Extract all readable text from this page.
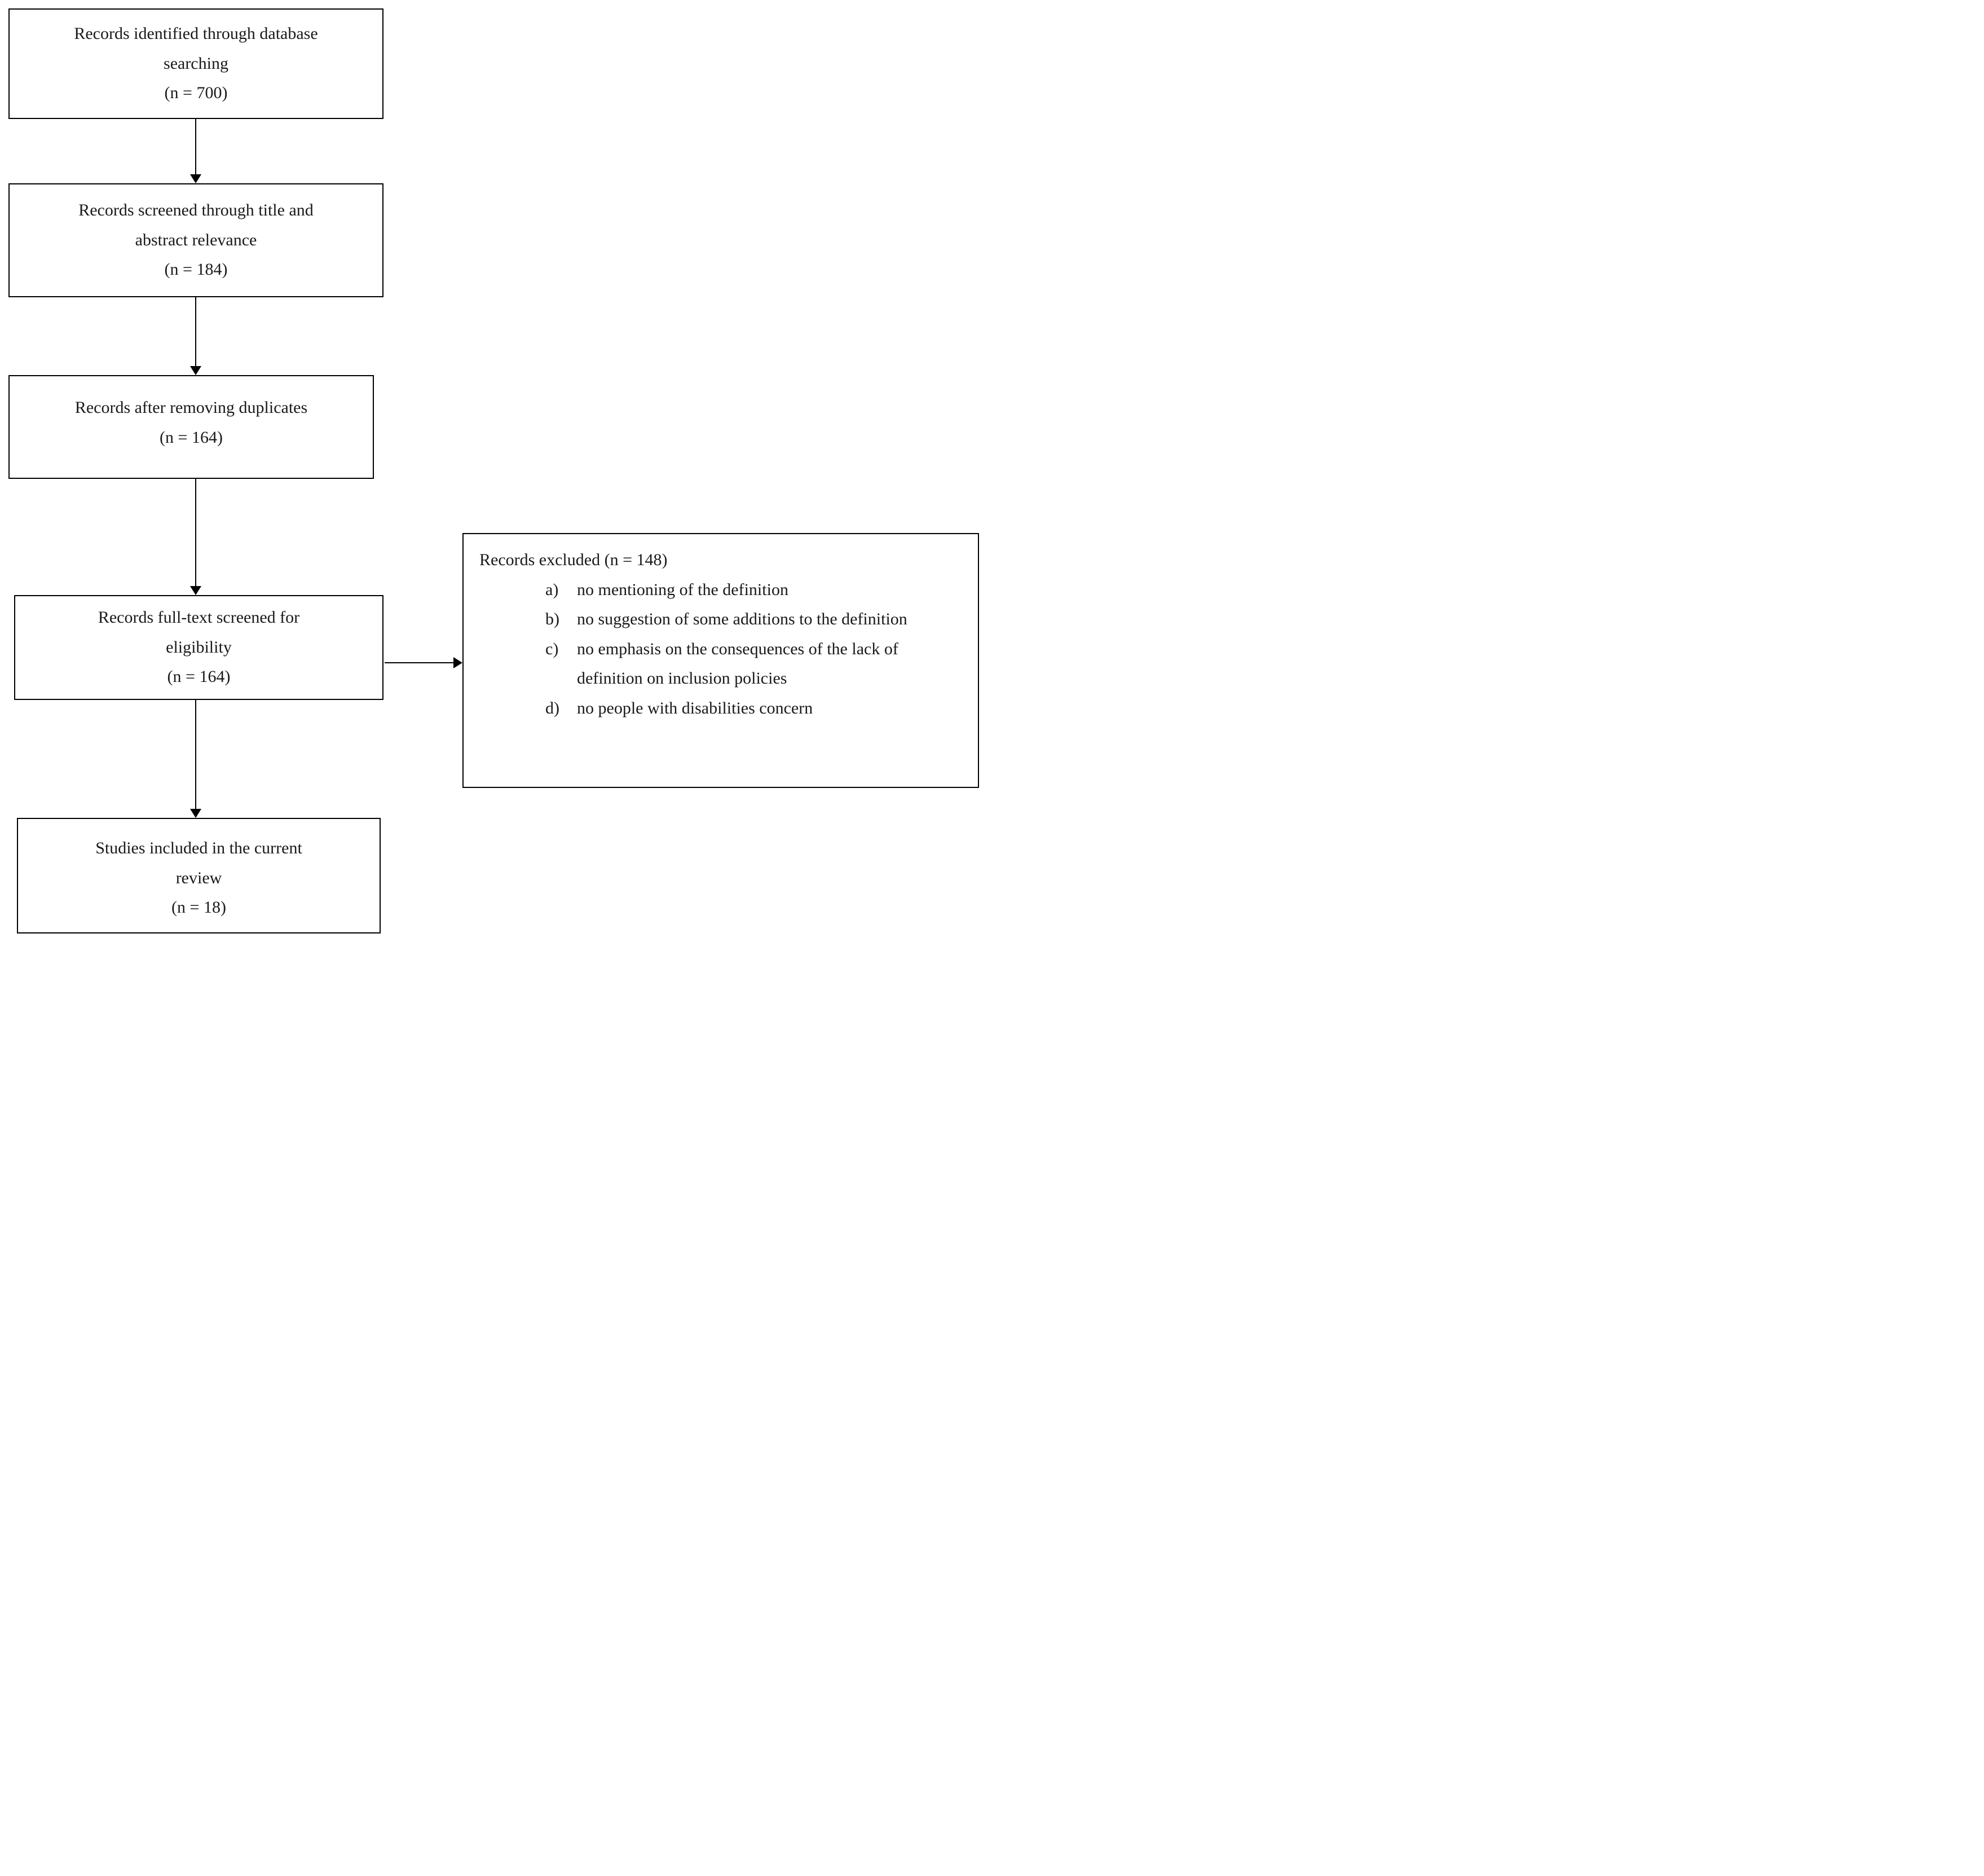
Records identified through database
searching
(n = 700)
Records screened through title and
abstract relevance
(n = 184)
Records after removing duplicates
(n = 164)
Records full-text screened for
eligibility
(n = 164)
Records excluded (n = 148)
a)	no mentioning of the definition
b)	no suggestion of some additions to the definition
c)	no emphasis on the consequences of the lack of definition on inclusion policies
d)	no people with disabilities concern
Studies included in the current
review
(n = 18)
